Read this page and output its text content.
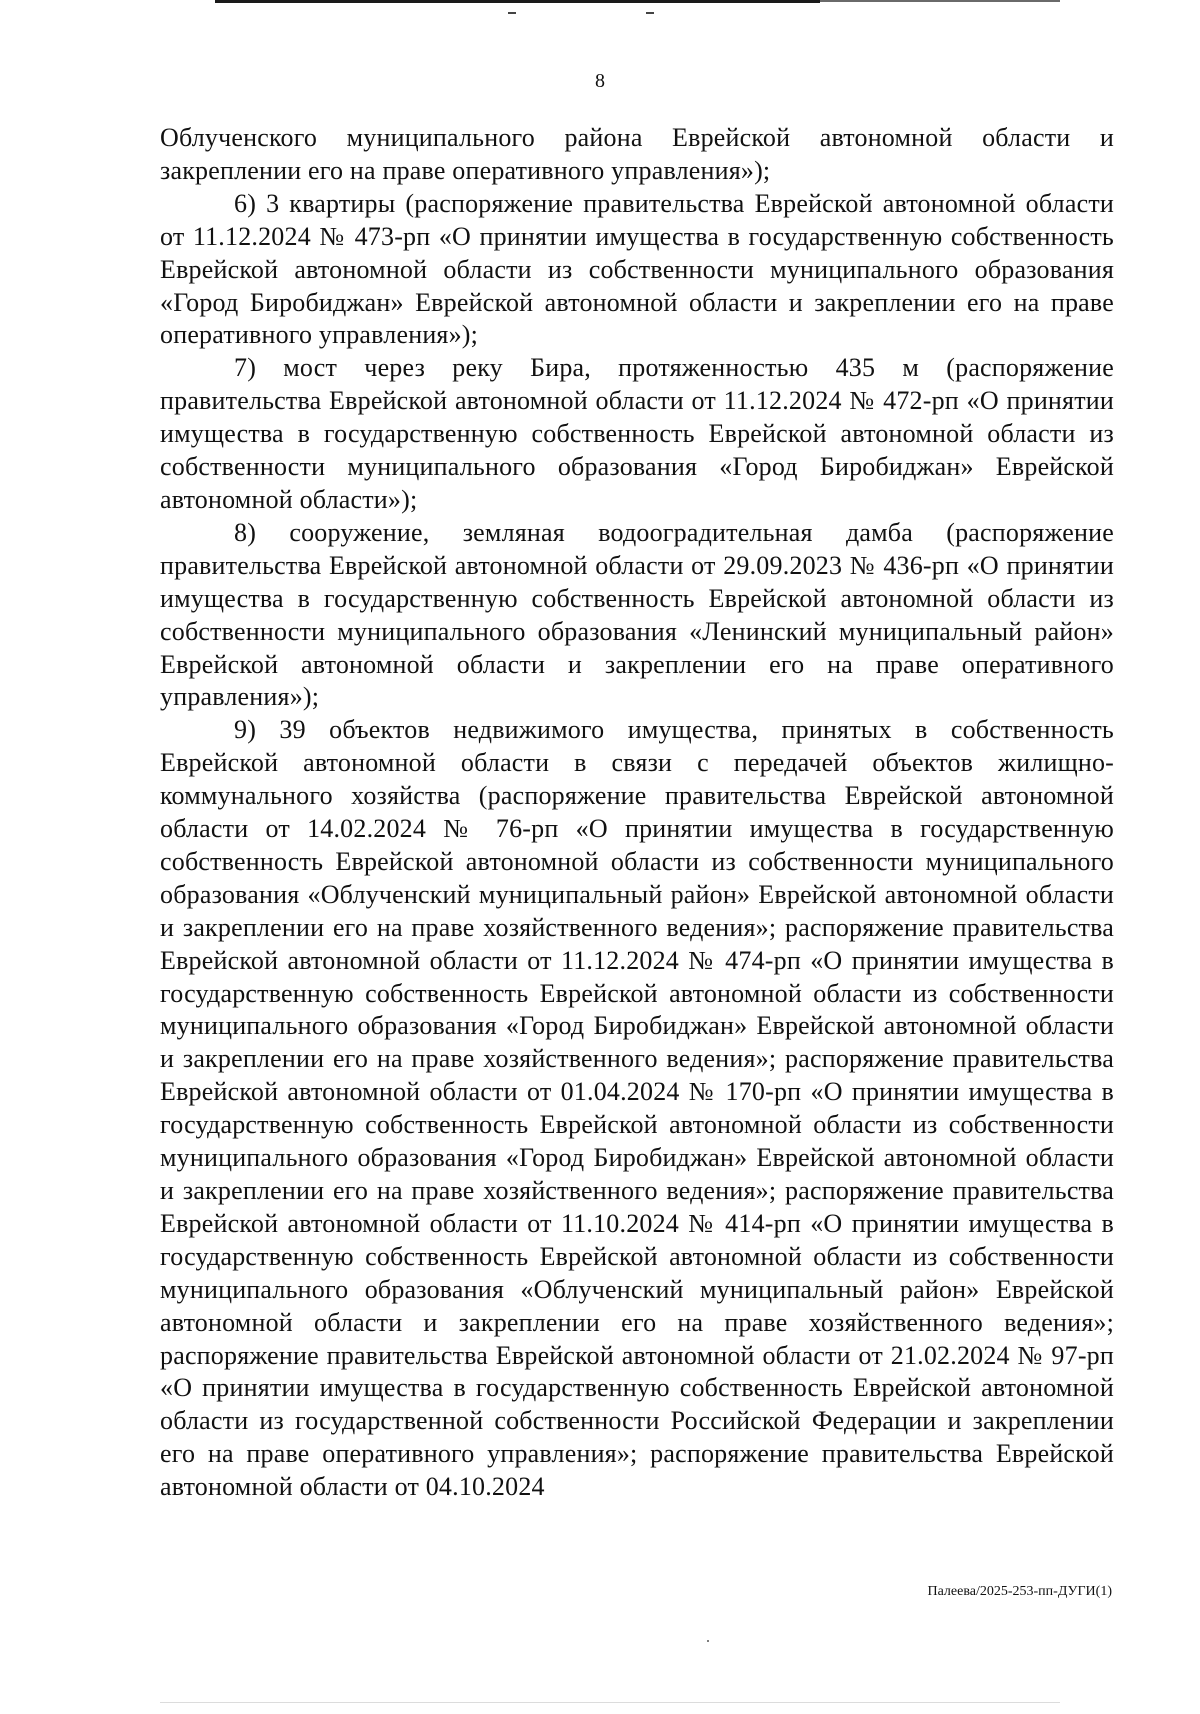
8

Облученского муниципального района Еврейской автономной области и закреплении его на праве оперативного управления»);

6) 3 квартиры (распоряжение правительства Еврейской автономной области от 11.12.2024 № 473-рп «О принятии имущества в государственную собственность Еврейской автономной области из собственности муниципального образования «Город Биробиджан» Еврейской автономной области и закреплении его на праве оперативного управления»);

7) мост через реку Бира, протяженностью 435 м (распоряжение правительства Еврейской автономной области от 11.12.2024 № 472-рп «О принятии имущества в государственную собственность Еврейской автономной области из собственности муниципального образования «Город Биробиджан» Еврейской автономной области»);

8) сооружение, земляная водооградительная дамба (распоряжение правительства Еврейской автономной области от 29.09.2023 № 436-рп «О принятии имущества в государственную собственность Еврейской автономной области из собственности муниципального образования «Ленинский муниципальный район» Еврейской автономной области и закреплении его на праве оперативного управления»);

9) 39 объектов недвижимого имущества, принятых в собственность Еврейской автономной области в связи с передачей объектов жилищно-коммунального хозяйства (распоряжение правительства Еврейской автономной области от 14.02.2024 № 76-рп «О принятии имущества в государственную собственность Еврейской автономной области из собственности муниципального образования «Облученский муниципальный район» Еврейской автономной области и закреплении его на праве хозяйственного ведения»; распоряжение правительства Еврейской автономной области от 11.12.2024 № 474-рп «О принятии имущества в государственную собственность Еврейской автономной области из собственности муниципального образования «Город Биробиджан» Еврейской автономной области и закреплении его на праве хозяйственного ведения»; распоряжение правительства Еврейской автономной области от 01.04.2024 № 170-рп «О принятии имущества в государственную собственность Еврейской автономной области из собственности муниципального образования «Город Биробиджан» Еврейской автономной области и закреплении его на праве хозяйственного ведения»; распоряжение правительства Еврейской автономной области от 11.10.2024 № 414-рп «О принятии имущества в государственную собственность Еврейской автономной области из собственности муниципального образования «Облученский муниципальный район» Еврейской автономной области и закреплении его на праве хозяйственного ведения»; распоряжение правительства Еврейской автономной области от 21.02.2024 № 97-рп «О принятии имущества в государственную собственность Еврейской автономной области из государственной собственности Российской Федерации и закреплении его на праве оперативного управления»; распоряжение правительства Еврейской автономной области от 04.10.2024

Палеева/2025-253-пп-ДУГИ(1)
